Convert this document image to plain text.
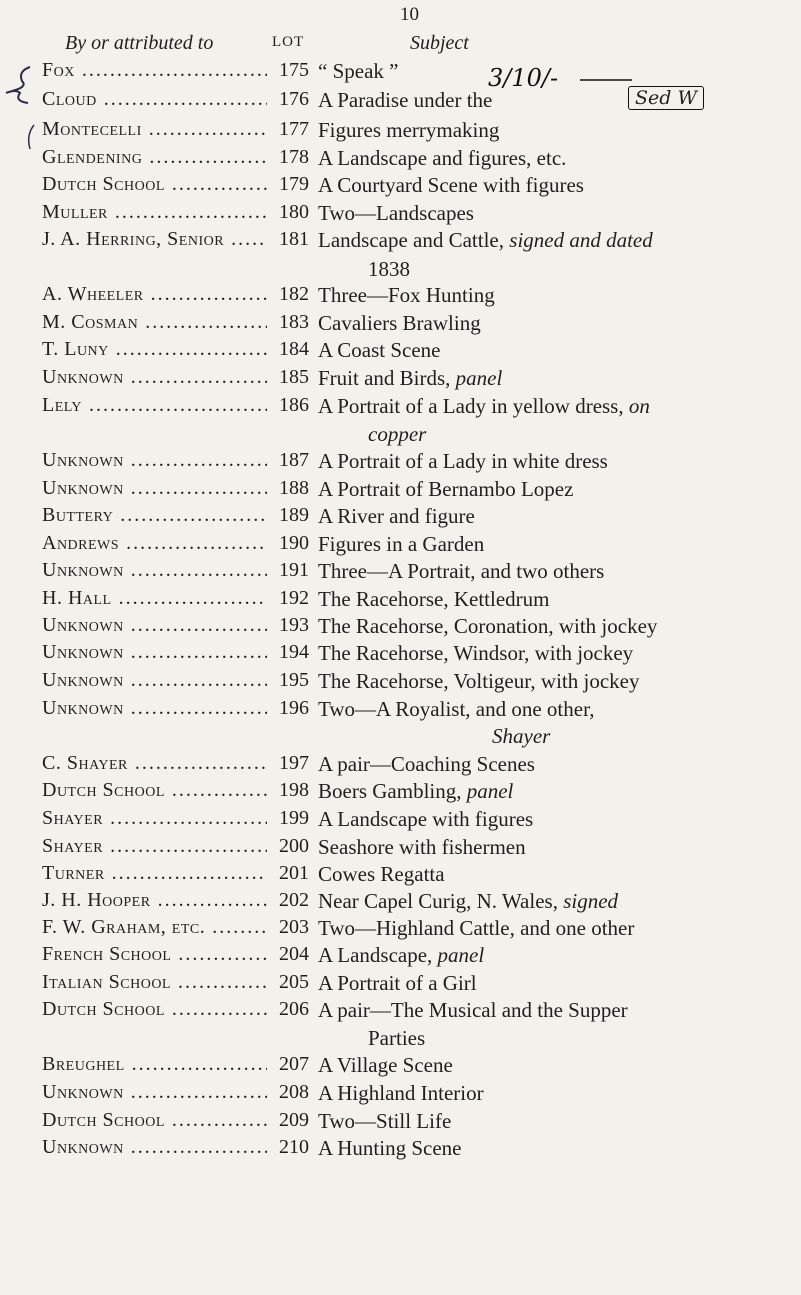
10
By or attributed to	LOT	Subject
Fox .....	175 “ Speak ”
Cloud .....	176 A Paradise under the
Montecelli .....	177 Figures merrymaking
Glendening .....	178 A Landscape and figures, etc.
Dutch School .....	179 A Courtyard Scene with figures
Muller .....	180 Two—Landscapes
J. A. Herring, Senior .....	181 Landscape and Cattle, signed and dated
1838
A. Wheeler .....	182 Three—Fox Hunting
M. Cosman .....	183 Cavaliers Brawling
T. Luny .....	184 A Coast Scene
Unknown .....	185 Fruit and Birds, panel
Lely .....	186 A Portrait of a Lady in yellow dress, on
copper
Unknown .....	187 A Portrait of a Lady in white dress
Unknown .....	188 A Portrait of Bernambo Lopez
Buttery .....	189 A River and figure
Andrews .....	190 Figures in a Garden
Unknown .....	191 Three—A Portrait, and two others
H. Hall .....	192 The Racehorse, Kettledrum
Unknown .....	193 The Racehorse, Coronation, with jockey
Unknown .....	194 The Racehorse, Windsor, with jockey
Unknown .....	195 The Racehorse, Voltigeur, with jockey
Unknown .....	196 Two—A Royalist, and one other,
Shayer
C. Shayer .....	197 A pair—Coaching Scenes
Dutch School .....	198 Boers Gambling, panel
Shayer .....	199 A Landscape with figures
Shayer .....	200 Seashore with fishermen
Turner .....	201 Cowes Regatta
J. H. Hooper .....	202 Near Capel Curig, N. Wales, signed
F. W. Graham, etc. .....	203 Two—Highland Cattle, and one other
French School .....	204 A Landscape, panel
Italian School .....	205 A Portrait of a Girl
Dutch School .....	206 A pair—The Musical and the Supper
Parties
Breughel .....	207 A Village Scene
Unknown .....	208 A Highland Interior
Dutch School .....	209 Two—Still Life
Unknown .....	210 A Hunting Scene
Sed W
3/10/-
